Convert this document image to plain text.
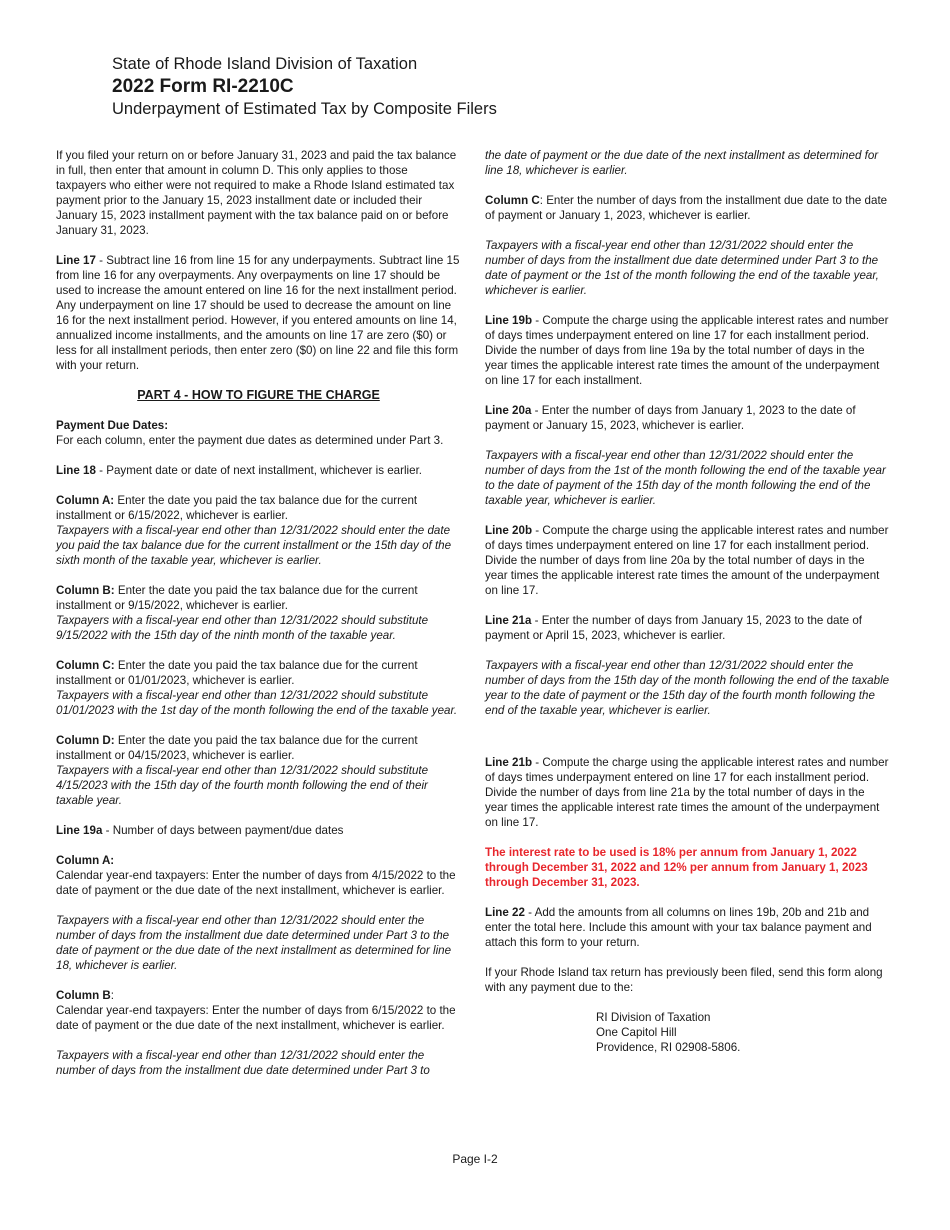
State of Rhode Island Division of Taxation

2022 Form RI-2210C

Underpayment of Estimated Tax by Composite Filers

If you filed your return on or before January 31, 2023 and paid the tax balance in full, then enter that amount in column D. This only applies to those taxpayers who either were not required to make a Rhode Island estimated tax payment prior to the January 15, 2023 installment date or included their January 15, 2023 installment payment with the tax balance paid on or before January 31, 2023.

Line 17 - Subtract line 16 from line 15 for any underpayments. Subtract line 15 from line 16 for any overpayments. Any overpayments on line 17 should be used to increase the amount entered on line 16 for the next installment period. Any underpayment on line 17 should be used to decrease the amount on line 16 for the next installment period. However, if you entered amounts on line 14, annualized income installments, and the amounts on line 17 are zero ($0) or less for all installment periods, then enter zero ($0) on line 22 and file this form with your return.

PART 4 - HOW TO FIGURE THE CHARGE

Payment Due Dates:
For each column, enter the payment due dates as determined under Part 3.

Line 18 - Payment date or date of next installment, whichever is earlier.

Column A: Enter the date you paid the tax balance due for the current installment or 6/15/2022, whichever is earlier.
Taxpayers with a fiscal-year end other than 12/31/2022 should enter the date you paid the tax balance due for the current installment or the 15th day of the sixth month of the taxable year, whichever is earlier.

Column B: Enter the date you paid the tax balance due for the current installment or 9/15/2022, whichever is earlier.
Taxpayers with a fiscal-year end other than 12/31/2022 should substitute 9/15/2022 with the 15th day of the ninth month of the taxable year.

Column C: Enter the date you paid the tax balance due for the current installment or 01/01/2023, whichever is earlier.
Taxpayers with a fiscal-year end other than 12/31/2022 should substitute 01/01/2023 with the 1st day of the month following the end of the taxable year.

Column D: Enter the date you paid the tax balance due for the current installment or 04/15/2023, whichever is earlier.
Taxpayers with a fiscal-year end other than 12/31/2022 should substitute 4/15/2023 with the 15th day of the fourth month following the end of their taxable year.

Line 19a - Number of days between payment/due dates

Column A:
Calendar year-end taxpayers: Enter the number of days from 4/15/2022 to the date of payment or the due date of the next installment, whichever is earlier.

Taxpayers with a fiscal-year end other than 12/31/2022 should enter the number of days from the installment due date determined under Part 3 to the date of payment or the due date of the next installment as determined for line 18, whichever is earlier.

Column B:
Calendar year-end taxpayers: Enter the number of days from 6/15/2022 to the date of payment or the due date of the next installment, whichever is earlier.

Taxpayers with a fiscal-year end other than 12/31/2022 should enter the number of days from the installment due date determined under Part 3 to

the date of payment or the due date of the next installment as determined for line 18, whichever is earlier.

Column C: Enter the number of days from the installment due date to the date of payment or January 1, 2023, whichever is earlier.

Taxpayers with a fiscal-year end other than 12/31/2022 should enter the number of days from the installment due date determined under Part 3 to the date of payment or the 1st of the month following the end of the taxable year, whichever is earlier.

Line 19b - Compute the charge using the applicable interest rates and number of days times underpayment entered on line 17 for each installment period. Divide the number of days from line 19a by the total number of days in the year times the applicable interest rate times the amount of the underpayment on line 17 for each installment.

Line 20a - Enter the number of days from January 1, 2023 to the date of payment or January 15, 2023, whichever is earlier.

Taxpayers with a fiscal-year end other than 12/31/2022 should enter the number of days from the 1st of the month following the end of the taxable year to the date of payment of the 15th day of the month following the end of the taxable year, whichever is earlier.

Line 20b - Compute the charge using the applicable interest rates and number of days times underpayment entered on line 17 for each installment period. Divide the number of days from line 20a by the total number of days in the year times the applicable interest rate times the amount of the underpayment on line 17.

Line 21a - Enter the number of days from January 15, 2023 to the date of payment or April 15, 2023, whichever is earlier.

Taxpayers with a fiscal-year end other than 12/31/2022 should enter the number of days from the 15th day of the month following the end of the taxable year to the date of payment or the 15th day of the fourth month following the end of the taxable year, whichever is earlier.

Line 21b - Compute the charge using the applicable interest rates and number of days times underpayment entered on line 17 for each installment period. Divide the number of days from line 21a by the total number of days in the year times the applicable interest rate times the amount of the underpayment on line 17.

The interest rate to be used is 18% per annum from January 1, 2022 through December 31, 2022 and 12% per annum from January 1, 2023 through December 31, 2023.

Line 22 - Add the amounts from all columns on lines 19b, 20b and 21b and enter the total here. Include this amount with your tax balance payment and attach this form to your return.

If your Rhode Island tax return has previously been filed, send this form along with any payment due to the:

RI Division of Taxation
One Capitol Hill
Providence, RI 02908-5806.
Page I-2
